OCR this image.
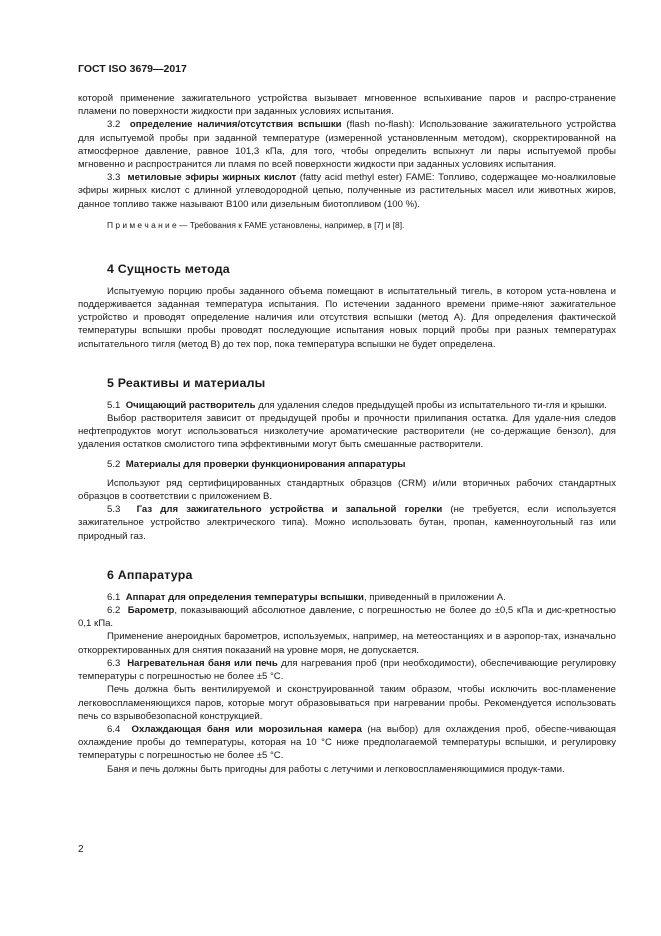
ГОСТ ISO 3679—2017

которой применение зажигательного устройства вызывает мгновенное вспыхивание паров и распро-странение пламени по поверхности жидкости при заданных условиях испытания.

3.2 определение наличия/отсутствия вспышки (flash no-flash): Использование зажигательного устройства для испытуемой пробы при заданной температуре (измеренной установленным методом), скорректированной на атмосферное давление, равное 101,3 кПа, для того, чтобы определить вспыхнут ли пары испытуемой пробы мгновенно и распространится ли пламя по всей поверхности жидкости при заданных условиях испытания.

3.3 метиловые эфиры жирных кислот (fatty acid methyl ester) FAME: Топливо, содержащее мо-ноалкиловые эфиры жирных кислот с длинной углеводородной цепью, полученные из растительных масел или животных жиров, данное топливо также называют B100 или дизельным биотопливом (100 %).

П р и м е ч а н и е — Требования к FAME установлены, например, в [7] и [8].

4 Сущность метода

Испытуемую порцию пробы заданного объема помещают в испытательный тигель, в котором уста-новлена и поддерживается заданная температура испытания. По истечении заданного времени приме-няют зажигательное устройство и проводят определение наличия или отсутствия вспышки (метод А). Для определения фактической температуры вспышки пробы проводят последующие испытания новых порций пробы при разных температурах испытательного тигля (метод В) до тех пор, пока температура вспышки не будет определена.

5 Реактивы и материалы

5.1 Очищающий растворитель для удаления следов предыдущей пробы из испытательного ти-гля и крышки.

Выбор растворителя зависит от предыдущей пробы и прочности прилипания остатка. Для удале-ния следов нефтепродуктов могут использоваться низколетучие ароматические растворители (не со-держащие бензол), для удаления остатков смолистого типа эффективными могут быть смешанные растворители.

5.2 Материалы для проверки функционирования аппаратуры

Используют ряд сертифицированных стандартных образцов (CRM) и/или вторичных рабочих стандартных образцов в соответствии с приложением В.

5.3 Газ для зажигательного устройства и запальной горелки (не требуется, если используется зажигательное устройство электрического типа). Можно использовать бутан, пропан, каменноугольный газ или природный газ.

6 Аппаратура

6.1 Аппарат для определения температуры вспышки, приведенный в приложении А.

6.2 Барометр, показывающий абсолютное давление, с погрешностью не более до ±0,5 кПа и дис-кретностью 0,1 кПа.

Применение анероидных барометров, используемых, например, на метеостанциях и в аэропор-тах, изначально откорректированных для снятия показаний на уровне моря, не допускается.

6.3 Нагревательная баня или печь для нагревания проб (при необходимости), обеспечивающие регулировку температуры с погрешностью не более ±5 °С.

Печь должна быть вентилируемой и сконструированной таким образом, чтобы исключить вос-пламенение легковоспламеняющихся паров, которые могут образовываться при нагревании пробы. Рекомендуется использовать печь со взрывобезопасной конструкцией.

6.4 Охлаждающая баня или морозильная камера (на выбор) для охлаждения проб, обеспе-чивающая охлаждение пробы до температуры, которая на 10 °С ниже предполагаемой температуры вспышки, и регулировку температуры с погрешностью не более ±5 °С.

Баня и печь должны быть пригодны для работы с летучими и легковоспламеняющимися продук-тами.

2
